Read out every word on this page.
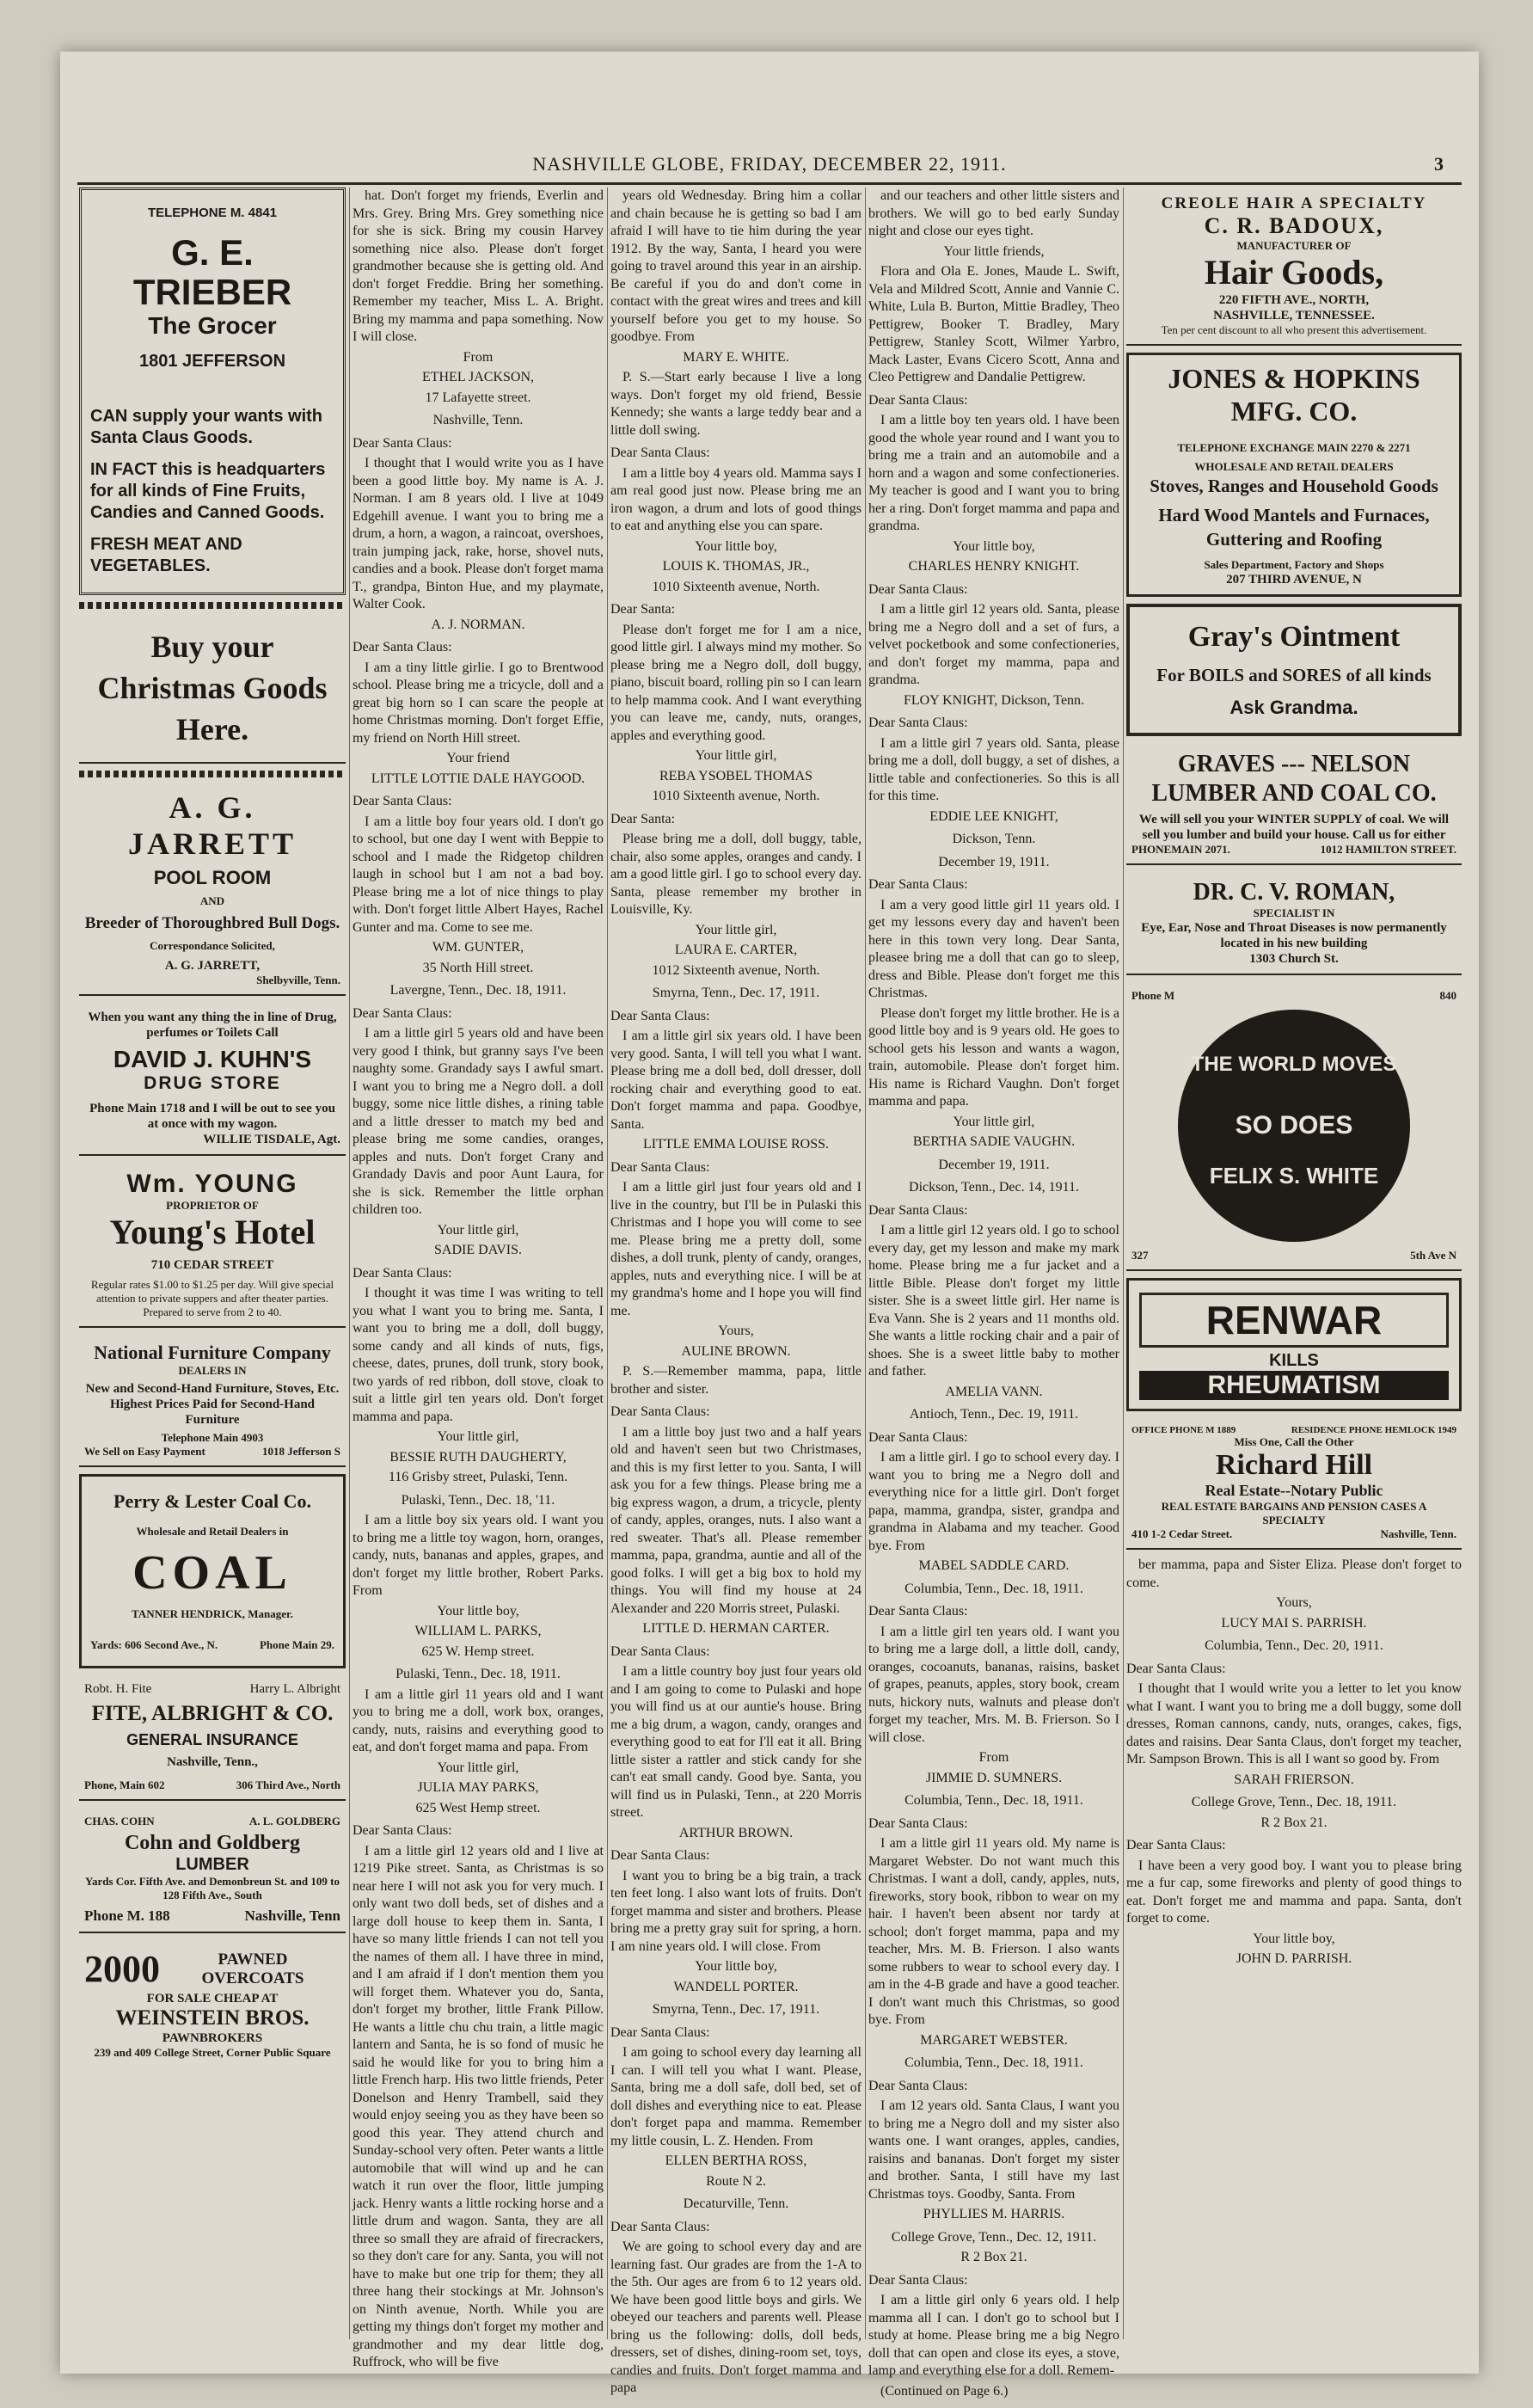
NASHVILLE GLOBE, FRIDAY, DECEMBER 22, 1911.	3
TELEPHONE M. 4841
G. E. TRIEBER
The Grocer
1801 JEFFERSON
CAN supply your wants with Santa Claus Goods.
IN FACT this is headquarters for all kinds of Fine Fruits, Candies and Canned Goods.
FRESH MEAT AND VEGETABLES.
Buy your Christmas Goods Here.
A. G. JARRETT
POOL ROOM
AND
Breeder of Thoroughbred Bull Dogs.
Correspondance Solicited,
A. G. JARRETT,
Shelbyville, Tenn.
When you want any thing the in line of Drug, perfumes or Toilets Call
DAVID J. KUHN'S
DRUG STORE
Phone Main 1718 and I will be out to see you at once with my wagon.
WILLIE TISDALE, Agt.
Wm. YOUNG
PROPRIETOR OF
Young's Hotel
710 CEDAR STREET
Regular rates $1.00 to $1.25 per day. Will give special attention to private suppers and after theater parties. Prepared to serve from 2 to 40.
National Furniture Company
DEALERS IN
New and Second-Hand Furniture, Stoves, Etc. Highest Prices Paid for Second-Hand Furniture
Telephone Main 4903
We Sell on Easy Payment	1018 Jefferson S
Perry & Lester Coal Co.
Wholesale and Retail Dealers in
COAL
TANNER HENDRICK, Manager.
Yards: 606 Second Ave., N.	Phone Main 29.
Robt. H. Fite	Harry L. Albright
FITE, ALBRIGHT & CO.
GENERAL INSURANCE
Nashville, Tenn.,
Phone, Main 602	306 Third Ave., North
CHAS. COHN	A. L. GOLDBERG
Cohn and Goldberg
LUMBER
Yards Cor. Fifth Ave. and Demonbreun St. and 109 to 128 Fifth Ave., South
Phone M. 188	Nashville, Tenn
2000	PAWNED OVERCOATS
FOR SALE CHEAP AT
WEINSTEIN BROS.
PAWNBROKERS
239 and 409 College Street, Corner Public Square

hat. Don't forget my friends, Everlin and Mrs. Grey. Bring Mrs. Grey something nice for she is sick. Bring my cousin Harvey something nice also. Please don't forget grandmother because she is getting old. And don't forget Freddie. Bring her something. Remember my teacher, Miss L. A. Bright. Bring my mamma and papa something. Now I will close.

From

ETHEL JACKSON,

17 Lafayette street.

Nashville, Tenn.

Dear Santa Claus:

I thought that I would write you as I have been a good little boy. My name is A. J. Norman. I am 8 years old. I live at 1049 Edgehill avenue. I want you to bring me a drum, a horn, a wagon, a raincoat, overshoes, train jumping jack, rake, horse, shovel nuts, candies and a book. Please don't forget mama T., grandpa, Binton Hue, and my playmate, Walter Cook.

A. J. NORMAN.

Dear Santa Claus:

I am a tiny little girlie. I go to Brentwood school. Please bring me a tricycle, doll and a great big horn so I can scare the people at home Christmas morning. Don't forget Effie, my friend on North Hill street.

Your friend

LITTLE LOTTIE DALE HAYGOOD.

Dear Santa Claus:

I am a little boy four years old. I don't go to school, but one day I went with Beppie to school and I made the Ridgetop children laugh in school but I am not a bad boy. Please bring me a lot of nice things to play with. Don't forget little Albert Hayes, Rachel Gunter and ma. Come to see me.

WM. GUNTER,

35 North Hill street.

Lavergne, Tenn., Dec. 18, 1911.

Dear Santa Claus:

I am a little girl 5 years old and have been very good I think, but granny says I've been naughty some. Grandady says I awful smart. I want you to bring me a Negro doll. a doll buggy, some nice little dishes, a rining table and a little dresser to match my bed and please bring me some candies, oranges, apples and nuts. Don't forget Crany and Grandady Davis and poor Aunt Laura, for she is sick. Remember the little orphan children too.

Your little girl,

SADIE DAVIS.

Dear Santa Claus:

I thought it was time I was writing to tell you what I want you to bring me. Santa, I want you to bring me a doll, doll buggy, some candy and all kinds of nuts, figs, cheese, dates, prunes, doll trunk, story book, two yards of red ribbon, doll stove, cloak to suit a little girl ten years old. Don't forget mamma and papa.

Your little girl,

BESSIE RUTH DAUGHERTY,

116 Grisby street, Pulaski, Tenn.

Pulaski, Tenn., Dec. 18, '11.

I am a little boy six years old. I want you to bring me a little toy wagon, horn, oranges, candy, nuts, bananas and apples, grapes, and don't forget my little brother, Robert Parks. From

Your little boy,

WILLIAM L. PARKS,

625 W. Hemp street.

Pulaski, Tenn., Dec. 18, 1911.

I am a little girl 11 years old and I want you to bring me a doll, work box, oranges, candy, nuts, raisins and everything good to eat, and don't forget mama and papa. From

Your little girl,

JULIA MAY PARKS,

625 West Hemp street.

Dear Santa Claus:

I am a little girl 12 years old and I live at 1219 Pike street. Santa, as Christmas is so near here I will not ask you for very much. I only want two doll beds, set of dishes and a large doll house to keep them in. Santa, I have so many little friends I can not tell you the names of them all. I have three in mind, and I am afraid if I don't mention them you will forget them. Whatever you do, Santa, don't forget my brother, little Frank Pillow. He wants a little chu chu train, a little magic lantern and Santa, he is so fond of music he said he would like for you to bring him a little French harp. His two little friends, Peter Donelson and Henry Trambell, said they would enjoy seeing you as they have been so good this year. They attend church and Sunday-school very often. Peter wants a little automobile that will wind up and he can watch it run over the floor, little jumping jack. Henry wants a little rocking horse and a little drum and wagon. Santa, they are all three so small they are afraid of firecrackers, so they don't care for any. Santa, you will not have to make but one trip for them; they all three hang their stockings at Mr. Johnson's on Ninth avenue, North. While you are getting my things don't forget my mother and grandmother and my dear little dog, Ruffrock, who will be five

years old Wednesday. Bring him a collar and chain because he is getting so bad I am afraid I will have to tie him during the year 1912. By the way, Santa, I heard you were going to travel around this year in an airship. Be careful if you do and don't come in contact with the great wires and trees and kill yourself before you get to my house. So goodbye. From

MARY E. WHITE.

P. S.—Start early because I live a long ways. Don't forget my old friend, Bessie Kennedy; she wants a large teddy bear and a little doll swing.

Dear Santa Claus:

I am a little boy 4 years old. Mamma says I am real good just now. Please bring me an iron wagon, a drum and lots of good things to eat and anything else you can spare.

Your little boy,

LOUIS K. THOMAS, JR.,

1010 Sixteenth avenue, North.

Dear Santa:

Please don't forget me for I am a nice, good little girl. I always mind my mother. So please bring me a Negro doll, doll buggy, piano, biscuit board, rolling pin so I can learn to help mamma cook. And I want everything you can leave me, candy, nuts, oranges, apples and everything good.

Your little girl,

REBA YSOBEL THOMAS

1010 Sixteenth avenue, North.

Dear Santa:

Please bring me a doll, doll buggy, table, chair, also some apples, oranges and candy. I am a good little girl. I go to school every day. Santa, please remember my brother in Louisville, Ky.

Your little girl,

LAURA E. CARTER,

1012 Sixteenth avenue, North.

Smyrna, Tenn., Dec. 17, 1911.

Dear Santa Claus:

I am a little girl six years old. I have been very good. Santa, I will tell you what I want. Please bring me a doll bed, doll dresser, doll rocking chair and everything good to eat. Don't forget mamma and papa. Goodbye, Santa.

LITTLE EMMA LOUISE ROSS.

Dear Santa Claus:

I am a little girl just four years old and I live in the country, but I'll be in Pulaski this Christmas and I hope you will come to see me. Please bring me a pretty doll, some dishes, a doll trunk, plenty of candy, oranges, apples, nuts and everything nice. I will be at my grandma's home and I hope you will find me.

Yours,

AULINE BROWN.

P. S.—Remember mamma, papa, little brother and sister.

Dear Santa Claus:

I am a little boy just two and a half years old and haven't seen but two Christmases, and this is my first letter to you. Santa, I will ask you for a few things. Please bring me a big express wagon, a drum, a tricycle, plenty of candy, apples, oranges, nuts. I also want a red sweater. That's all. Please remember mamma, papa, grandma, auntie and all of the good folks. I will get a big box to hold my things. You will find my house at 24 Alexander and 220 Morris street, Pulaski.

LITTLE D. HERMAN CARTER.

Dear Santa Claus:

I am a little country boy just four years old and I am going to come to Pulaski and hope you will find us at our auntie's house. Bring me a big drum, a wagon, candy, oranges and everything good to eat for I'll eat it all. Bring little sister a rattler and stick candy for she can't eat small candy. Good bye. Santa, you will find us in Pulaski, Tenn., at 220 Morris street.

ARTHUR BROWN.

Dear Santa Claus:

I want you to bring be a big train, a track ten feet long. I also want lots of fruits. Don't forget mamma and sister and brothers. Please bring me a pretty gray suit for spring, a horn. I am nine years old. I will close. From

Your little boy,

WANDELL PORTER.

Smyrna, Tenn., Dec. 17, 1911.

Dear Santa Claus:

I am going to school every day learning all I can. I will tell you what I want. Please, Santa, bring me a doll safe, doll bed, set of doll dishes and everything nice to eat. Please don't forget papa and mamma. Remember my little cousin, L. Z. Henden. From

ELLEN BERTHA ROSS,

Route N 2.

Decaturville, Tenn.

Dear Santa Claus:

We are going to school every day and are learning fast. Our grades are from the 1-A to the 5th. Our ages are from 6 to 12 years old. We have been good little boys and girls. We obeyed our teachers and parents well. Please bring us the following: dolls, doll beds, dressers, set of dishes, dining-room set, toys, candies and fruits. Don't forget mamma and papa

and our teachers and other little sisters and brothers. We will go to bed early Sunday night and close our eyes tight.

Your little friends,

Flora and Ola E. Jones, Maude L. Swift, Vela and Mildred Scott, Annie and Vannie C. White, Lula B. Burton, Mittie Bradley, Theo Pettigrew, Booker T. Bradley, Mary Pettigrew, Stanley Scott, Wilmer Yarbro, Mack Laster, Evans Cicero Scott, Anna and Cleo Pettigrew and Dandalie Pettigrew.

Dear Santa Claus:

I am a little boy ten years old. I have been good the whole year round and I want you to bring me a train and an automobile and a horn and a wagon and some confectioneries. My teacher is good and I want you to bring her a ring. Don't forget mamma and papa and grandma.

Your little boy,

CHARLES HENRY KNIGHT.

Dear Santa Claus:

I am a little girl 12 years old. Santa, please bring me a Negro doll and a set of furs, a velvet pocketbook and some confectioneries, and don't forget my mamma, papa and grandma.

FLOY KNIGHT, Dickson, Tenn.

Dear Santa Claus:

I am a little girl 7 years old. Santa, please bring me a doll, doll buggy, a set of dishes, a little table and confectioneries. So this is all for this time.

EDDIE LEE KNIGHT,

Dickson, Tenn.

December 19, 1911.

Dear Santa Claus:

I am a very good little girl 11 years old. I get my lessons every day and haven't been here in this town very long. Dear Santa, pleasee bring me a doll that can go to sleep, dress and Bible. Please don't forget me this Christmas.

Please don't forget my little brother. He is a good little boy and is 9 years old. He goes to school gets his lesson and wants a wagon, train, automobile. Please don't forget him. His name is Richard Vaughn. Don't forget mamma and papa.

Your little girl,

BERTHA SADIE VAUGHN.

December 19, 1911.

Dickson, Tenn., Dec. 14, 1911.

Dear Santa Claus:

I am a little girl 12 years old. I go to school every day, get my lesson and make my mark home. Please bring me a fur jacket and a little Bible. Please don't forget my little sister. She is a sweet little girl. Her name is Eva Vann. She is 2 years and 11 months old. She wants a little rocking chair and a pair of shoes. She is a sweet little baby to mother and father.

AMELIA VANN.

Antioch, Tenn., Dec. 19, 1911.

Dear Santa Claus:

I am a little girl. I go to school every day. I want you to bring me a Negro doll and everything nice for a little girl. Don't forget papa, mamma, grandpa, sister, grandpa and grandma in Alabama and my teacher. Good bye. From

MABEL SADDLE CARD.

Columbia, Tenn., Dec. 18, 1911.

Dear Santa Claus:

I am a little girl ten years old. I want you to bring me a large doll, a little doll, candy, oranges, cocoanuts, bananas, raisins, basket of grapes, peanuts, apples, story book, cream nuts, hickory nuts, walnuts and please don't forget my teacher, Mrs. M. B. Frierson. So I will close.

From

JIMMIE D. SUMNERS.

Columbia, Tenn., Dec. 18, 1911.

Dear Santa Claus:

I am a little girl 11 years old. My name is Margaret Webster. Do not want much this Christmas. I want a doll, candy, apples, nuts, fireworks, story book, ribbon to wear on my hair. I haven't been absent nor tardy at school; don't forget mamma, papa and my teacher, Mrs. M. B. Frierson. I also wants some rubbers to wear to school every day. I am in the 4-B grade and have a good teacher. I don't want much this Christmas, so good bye. From

MARGARET WEBSTER.

Columbia, Tenn., Dec. 18, 1911.

Dear Santa Claus:

I am 12 years old. Santa Claus, I want you to bring me a Negro doll and my sister also wants one. I want oranges, apples, candies, raisins and bananas. Don't forget my sister and brother. Santa, I still have my last Christmas toys. Goodby, Santa. From

PHYLLIES M. HARRIS.

College Grove, Tenn., Dec. 12, 1911.

R 2 Box 21.

Dear Santa Claus:

I am a little girl only 6 years old. I help mamma all I can. I don't go to school but I study at home. Please bring me a big Negro doll that can open and close its eyes, a stove, lamp and everything else for a doll. Remem-

(Continued on Page 6.)

CREOLE HAIR A SPECIALTY
C. R. BADOUX,
MANUFACTURER OF
Hair Goods,
220 FIFTH AVE., NORTH,
NASHVILLE, TENNESSEE.
Ten per cent discount to all who present this advertisement.
JONES & HOPKINS MFG. CO.
TELEPHONE EXCHANGE MAIN 2270 & 2271
WHOLESALE AND RETAIL DEALERS
Stoves, Ranges and Household Goods
Hard Wood Mantels and Furnaces, Guttering and Roofing
Sales Department, Factory and Shops
207 THIRD AVENUE, N
Gray's Ointment
For BOILS and SORES of all kinds
Ask Grandma.
GRAVES --- NELSON LUMBER AND COAL CO.
We will sell you your WINTER SUPPLY of coal. We will sell you lumber and build your house. Call us for either
PHONEMAIN 2071.	1012 HAMILTON STREET.
DR. C. V. ROMAN,
SPECIALIST IN
Eye, Ear, Nose and Throat Diseases is now permanently located in his new building
1303 Church St.
Phone M	840
THE WORLD MOVES
SO DOES
FELIX S. WHITE
327	5th Ave N
RENWAR
KILLS
RHEUMATISM
OFFICE PHONE M 1889	RESIDENCE PHONE HEMLOCK 1949
Miss One, Call the Other
Richard Hill
Real Estate--Notary Public
REAL ESTATE BARGAINS AND PENSION CASES A SPECIALTY
410 1-2 Cedar Street.	Nashville, Tenn.

ber mamma, papa and Sister Eliza. Please don't forget to come.

Yours,

LUCY MAI S. PARRISH.

Columbia, Tenn., Dec. 20, 1911.

Dear Santa Claus:

I thought that I would write you a letter to let you know what I want. I want you to bring me a doll buggy, some doll dresses, Roman cannons, candy, nuts, oranges, cakes, figs, dates and raisins. Dear Santa Claus, don't forget my teacher, Mr. Sampson Brown. This is all I want so good by. From

SARAH FRIERSON.

College Grove, Tenn., Dec. 18, 1911.

R 2 Box 21.

Dear Santa Claus:

I have been a very good boy. I want you to please bring me a fur cap, some fireworks and plenty of good things to eat. Don't forget me and mamma and papa. Santa, don't forget to come.

Your little boy,

JOHN D. PARRISH.
